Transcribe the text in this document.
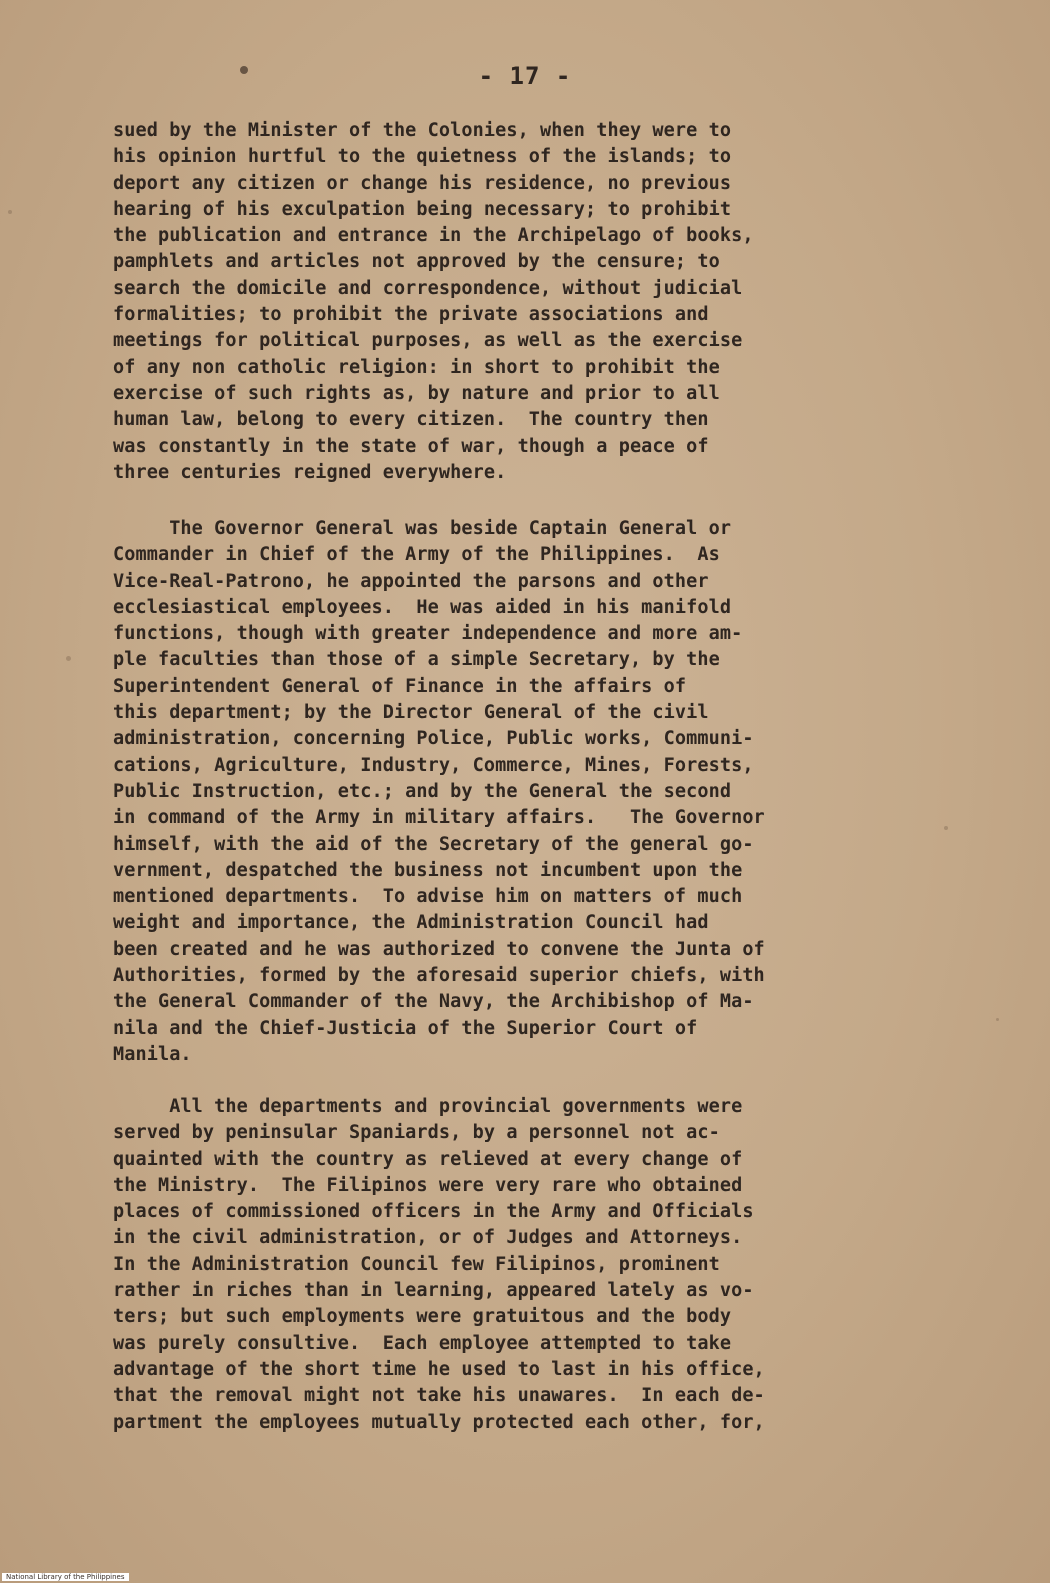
- 17 -
sued by the Minister of the Colonies, when they were to
his opinion hurtful to the quietness of the islands; to
deport any citizen or change his residence, no previous
hearing of his exculpation being necessary; to prohibit
the publication and entrance in the Archipelago of books,
pamphlets and articles not approved by the censure; to
search the domicile and correspondence, without judicial
formalities; to prohibit the private associations and
meetings for political purposes, as well as the exercise
of any non catholic religion: in short to prohibit the
exercise of such rights as, by nature and prior to all
human law, belong to every citizen.  The country then
was constantly in the state of war, though a peace of
three centuries reigned everywhere.
The Governor General was beside Captain General or
Commander in Chief of the Army of the Philippines.  As
Vice-Real-Patrono, he appointed the parsons and other
ecclesiastical employees.  He was aided in his manifold
functions, though with greater independence and more am-
ple faculties than those of a simple Secretary, by the
Superintendent General of Finance in the affairs of
this department; by the Director General of the civil
administration, concerning Police, Public works, Communi-
cations, Agriculture, Industry, Commerce, Mines, Forests,
Public Instruction, etc.; and by the General the second
in command of the Army in military affairs.   The Governor
himself, with the aid of the Secretary of the general go-
vernment, despatched the business not incumbent upon the
mentioned departments.  To advise him on matters of much
weight and importance, the Administration Council had
been created and he was authorized to convene the Junta of
Authorities, formed by the aforesaid superior chiefs, with
the General Commander of the Navy, the Archibishop of Ma-
nila and the Chief-Justicia of the Superior Court of
Manila.
All the departments and provincial governments were
served by peninsular Spaniards, by a personnel not ac-
quainted with the country as relieved at every change of
the Ministry.  The Filipinos were very rare who obtained
places of commissioned officers in the Army and Officials
in the civil administration, or of Judges and Attorneys.
In the Administration Council few Filipinos, prominent
rather in riches than in learning, appeared lately as vo-
ters; but such employments were gratuitous and the body
was purely consultive.  Each employee attempted to take
advantage of the short time he used to last in his office,
that the removal might not take his unawares.  In each de-
partment the employees mutually protected each other, for,
National Library of the Philippines
